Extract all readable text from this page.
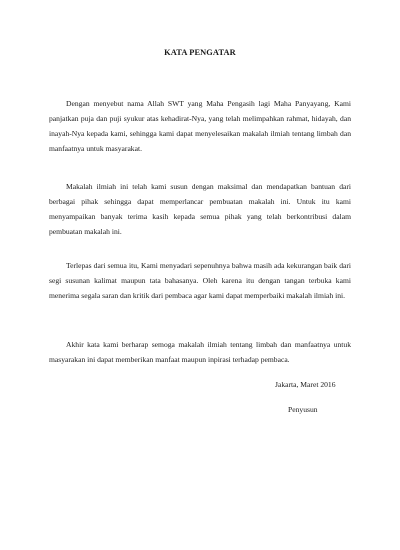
KATA PENGATAR

Dengan menyebut nama Allah SWT yang Maha Pengasih lagi Maha Panyayang, Kami panjatkan puja dan puji syukur atas kehadirat-Nya, yang telah melimpahkan rahmat, hidayah, dan inayah-Nya kepada kami, sehingga kami dapat menyelesaikan makalah ilmiah tentang limbah dan manfaatnya untuk masyarakat.

Makalah ilmiah ini telah kami susun dengan maksimal dan mendapatkan bantuan dari berbagai pihak sehingga dapat memperlancar pembuatan makalah ini. Untuk itu kami menyampaikan banyak terima kasih kepada semua pihak yang telah berkontribusi dalam pembuatan makalah ini.

Terlepas dari semua itu, Kami menyadari sepenuhnya bahwa masih ada kekurangan baik dari segi susunan kalimat maupun tata bahasanya. Oleh karena itu dengan tangan terbuka kami menerima segala saran dan kritik dari pembaca agar kami dapat memperbaiki makalah ilmiah ini.

Akhir kata kami berharap semoga makalah ilmiah tentang limbah dan manfaatnya untuk masyarakan ini dapat memberikan manfaat maupun inpirasi terhadap pembaca.

Jakarta, Maret 2016
Penyusun
